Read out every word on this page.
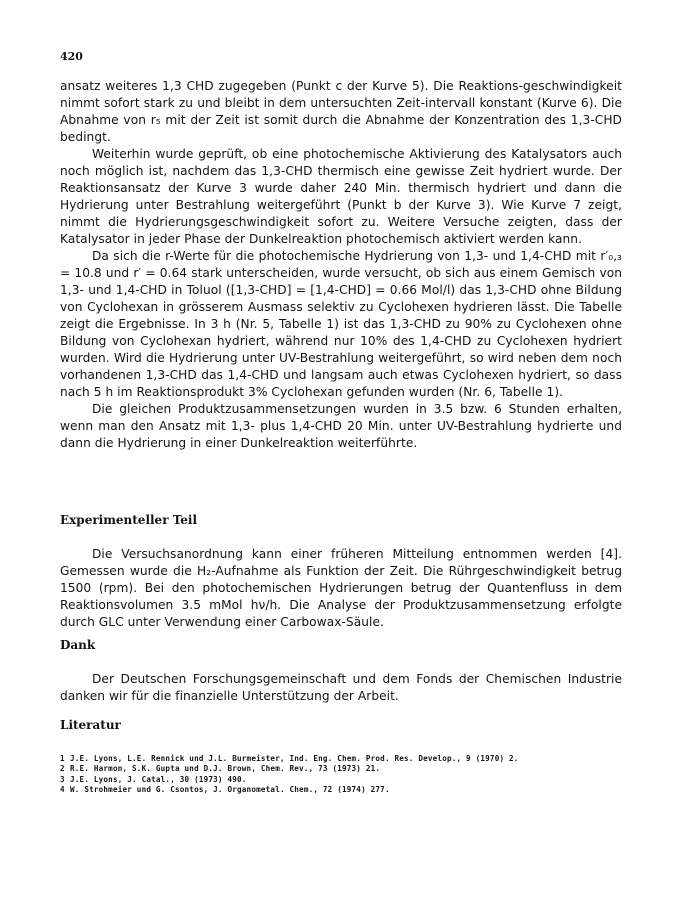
420

ansatz weiteres 1,3 CHD zugegeben (Punkt c der Kurve 5). Die Reaktions-geschwindigkeit nimmt sofort stark zu und bleibt in dem untersuchten Zeit-intervall konstant (Kurve 6). Die Abnahme von r₅ mit der Zeit ist somit durch die Abnahme der Konzentration des 1,3-CHD bedingt.

Weiterhin wurde geprüft, ob eine photochemische Aktivierung des Katalysators auch noch möglich ist, nachdem das 1,3-CHD thermisch eine gewisse Zeit hydriert wurde. Der Reaktionsansatz der Kurve 3 wurde daher 240 Min. thermisch hydriert und dann die Hydrierung unter Bestrahlung weitergeführt (Punkt b der Kurve 3). Wie Kurve 7 zeigt, nimmt die Hydrierungsgeschwindigkeit sofort zu. Weitere Versuche zeigten, dass der Katalysator in jeder Phase der Dunkelreaktion photochemisch aktiviert werden kann.

Da sich die r-Werte für die photochemische Hydrierung von 1,3- und 1,4-CHD mit r′₀,₃ = 10.8 und r′ = 0.64 stark unterscheiden, wurde versucht, ob sich aus einem Gemisch von 1,3- und 1,4-CHD in Toluol ([1,3-CHD] = [1,4-CHD] = 0.66 Mol/l) das 1,3-CHD ohne Bildung von Cyclohexan in grösserem Ausmass selektiv zu Cyclohexen hydrieren lässt. Die Tabelle zeigt die Ergebnisse. In 3 h (Nr. 5, Tabelle 1) ist das 1,3-CHD zu 90% zu Cyclohexen ohne Bildung von Cyclohexan hydriert, während nur 10% des 1,4-CHD zu Cyclohexen hydriert wurden. Wird die Hydrierung unter UV-Bestrahlung weitergeführt, so wird neben dem noch vorhandenen 1,3-CHD das 1,4-CHD und langsam auch etwas Cyclohexen hydriert, so dass nach 5 h im Reaktionsprodukt 3% Cyclohexan gefunden wurden (Nr. 6, Tabelle 1).

Die gleichen Produktzusammensetzungen wurden in 3.5 bzw. 6 Stunden erhalten, wenn man den Ansatz mit 1,3- plus 1,4-CHD 20 Min. unter UV-Bestrahlung hydrierte und dann die Hydrierung in einer Dunkelreaktion weiterführte.

Experimenteller Teil

Die Versuchsanordnung kann einer früheren Mitteilung entnommen werden [4]. Gemessen wurde die H₂-Aufnahme als Funktion der Zeit. Die Rührgeschwindigkeit betrug 1500 (rpm). Bei den photochemischen Hydrierungen betrug der Quantenfluss in dem Reaktionsvolumen 3.5 mMol hν/h. Die Analyse der Produktzusammensetzung erfolgte durch GLC unter Verwendung einer Carbowax-Säule.

Dank

Der Deutschen Forschungsgemeinschaft und dem Fonds der Chemischen Industrie danken wir für die finanzielle Unterstützung der Arbeit.

Literatur
1 J.E. Lyons, L.E. Rennick und J.L. Burmeister, Ind. Eng. Chem. Prod. Res. Develop., 9 (1970) 2.
2 R.E. Harmon, S.K. Gupta und D.J. Brown, Chem. Rev., 73 (1973) 21.
3 J.E. Lyons, J. Catal., 30 (1973) 490.
4 W. Strohmeier und G. Csontos, J. Organometal. Chem., 72 (1974) 277.
